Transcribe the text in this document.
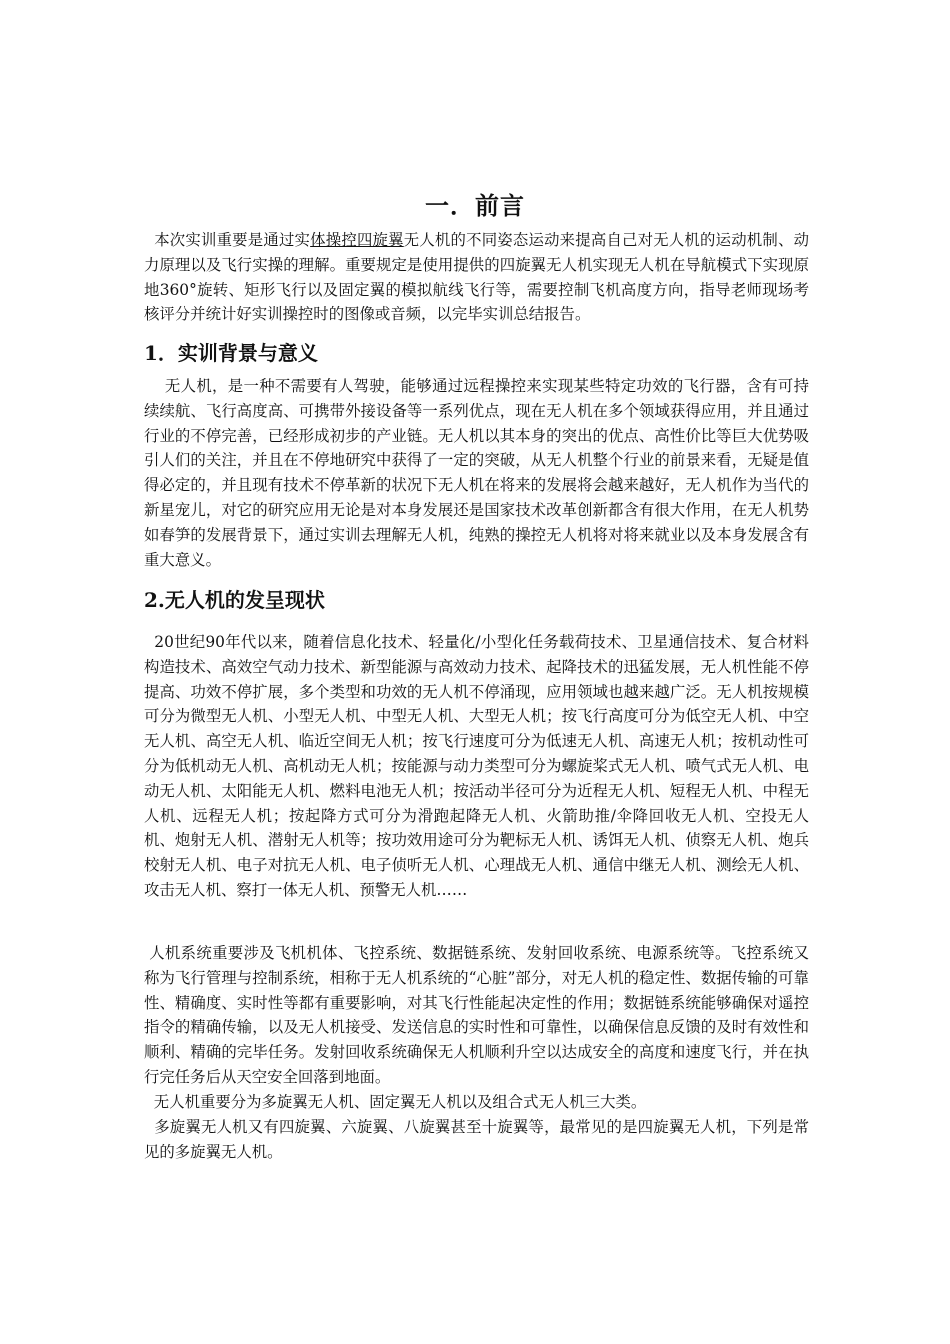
一．前言

本次实训重要是通过实体操控四旋翼无人机的不同姿态运动来提高自己对无人机的运动机制、动力原理以及飞行实操的理解。重要规定是使用提供的四旋翼无人机实现无人机在导航模式下实现原地360°旋转、矩形飞行以及固定翼的模拟航线飞行等，需要控制飞机高度方向，指导老师现场考核评分并统计好实训操控时的图像或音频，以完毕实训总结报告。

1．实训背景与意义

无人机，是一种不需要有人驾驶，能够通过远程操控来实现某些特定功效的飞行器，含有可持续续航、飞行高度高、可携带外接设备等一系列优点，现在无人机在多个领域获得应用，并且通过行业的不停完善，已经形成初步的产业链。无人机以其本身的突出的优点、高性价比等巨大优势吸引人们的关注，并且在不停地研究中获得了一定的突破，从无人机整个行业的前景来看，无疑是值得必定的，并且现有技术不停革新的状况下无人机在将来的发展将会越来越好，无人机作为当代的新星宠儿，对它的研究应用无论是对本身发展还是国家技术改革创新都含有很大作用，在无人机势如春笋的发展背景下，通过实训去理解无人机，纯熟的操控无人机将对将来就业以及本身发展含有重大意义。

2.无人机的发呈现状

20世纪90年代以来，随着信息化技术、轻量化/小型化任务载荷技术、卫星通信技术、复合材料构造技术、高效空气动力技术、新型能源与高效动力技术、起降技术的迅猛发展，无人机性能不停提高、功效不停扩展，多个类型和功效的无人机不停涌现，应用领域也越来越广泛。无人机按规模可分为微型无人机、小型无人机、中型无人机、大型无人机；按飞行高度可分为低空无人机、中空无人机、高空无人机、临近空间无人机；按飞行速度可分为低速无人机、高速无人机；按机动性可分为低机动无人机、高机动无人机；按能源与动力类型可分为螺旋桨式无人机、喷气式无人机、电动无人机、太阳能无人机、燃料电池无人机；按活动半径可分为近程无人机、短程无人机、中程无人机、远程无人机；按起降方式可分为滑跑起降无人机、火箭助推/伞降回收无人机、空投无人机、炮射无人机、潜射无人机等；按功效用途可分为靶标无人机、诱饵无人机、侦察无人机、炮兵校射无人机、电子对抗无人机、电子侦听无人机、心理战无人机、通信中继无人机、测绘无人机、攻击无人机、察打一体无人机、预警无人机……

人机系统重要涉及飞机机体、飞控系统、数据链系统、发射回收系统、电源系统等。飞控系统又称为飞行管理与控制系统，相称于无人机系统的“心脏”部分，对无人机的稳定性、数据传输的可靠性、精确度、实时性等都有重要影响，对其飞行性能起决定性的作用；数据链系统能够确保对遥控指令的精确传输，以及无人机接受、发送信息的实时性和可靠性，以确保信息反馈的及时有效性和顺利、精确的完毕任务。发射回收系统确保无人机顺利升空以达成安全的高度和速度飞行，并在执行完任务后从天空安全回落到地面。

无人机重要分为多旋翼无人机、固定翼无人机以及组合式无人机三大类。

多旋翼无人机又有四旋翼、六旋翼、八旋翼甚至十旋翼等，最常见的是四旋翼无人机，下列是常见的多旋翼无人机。
